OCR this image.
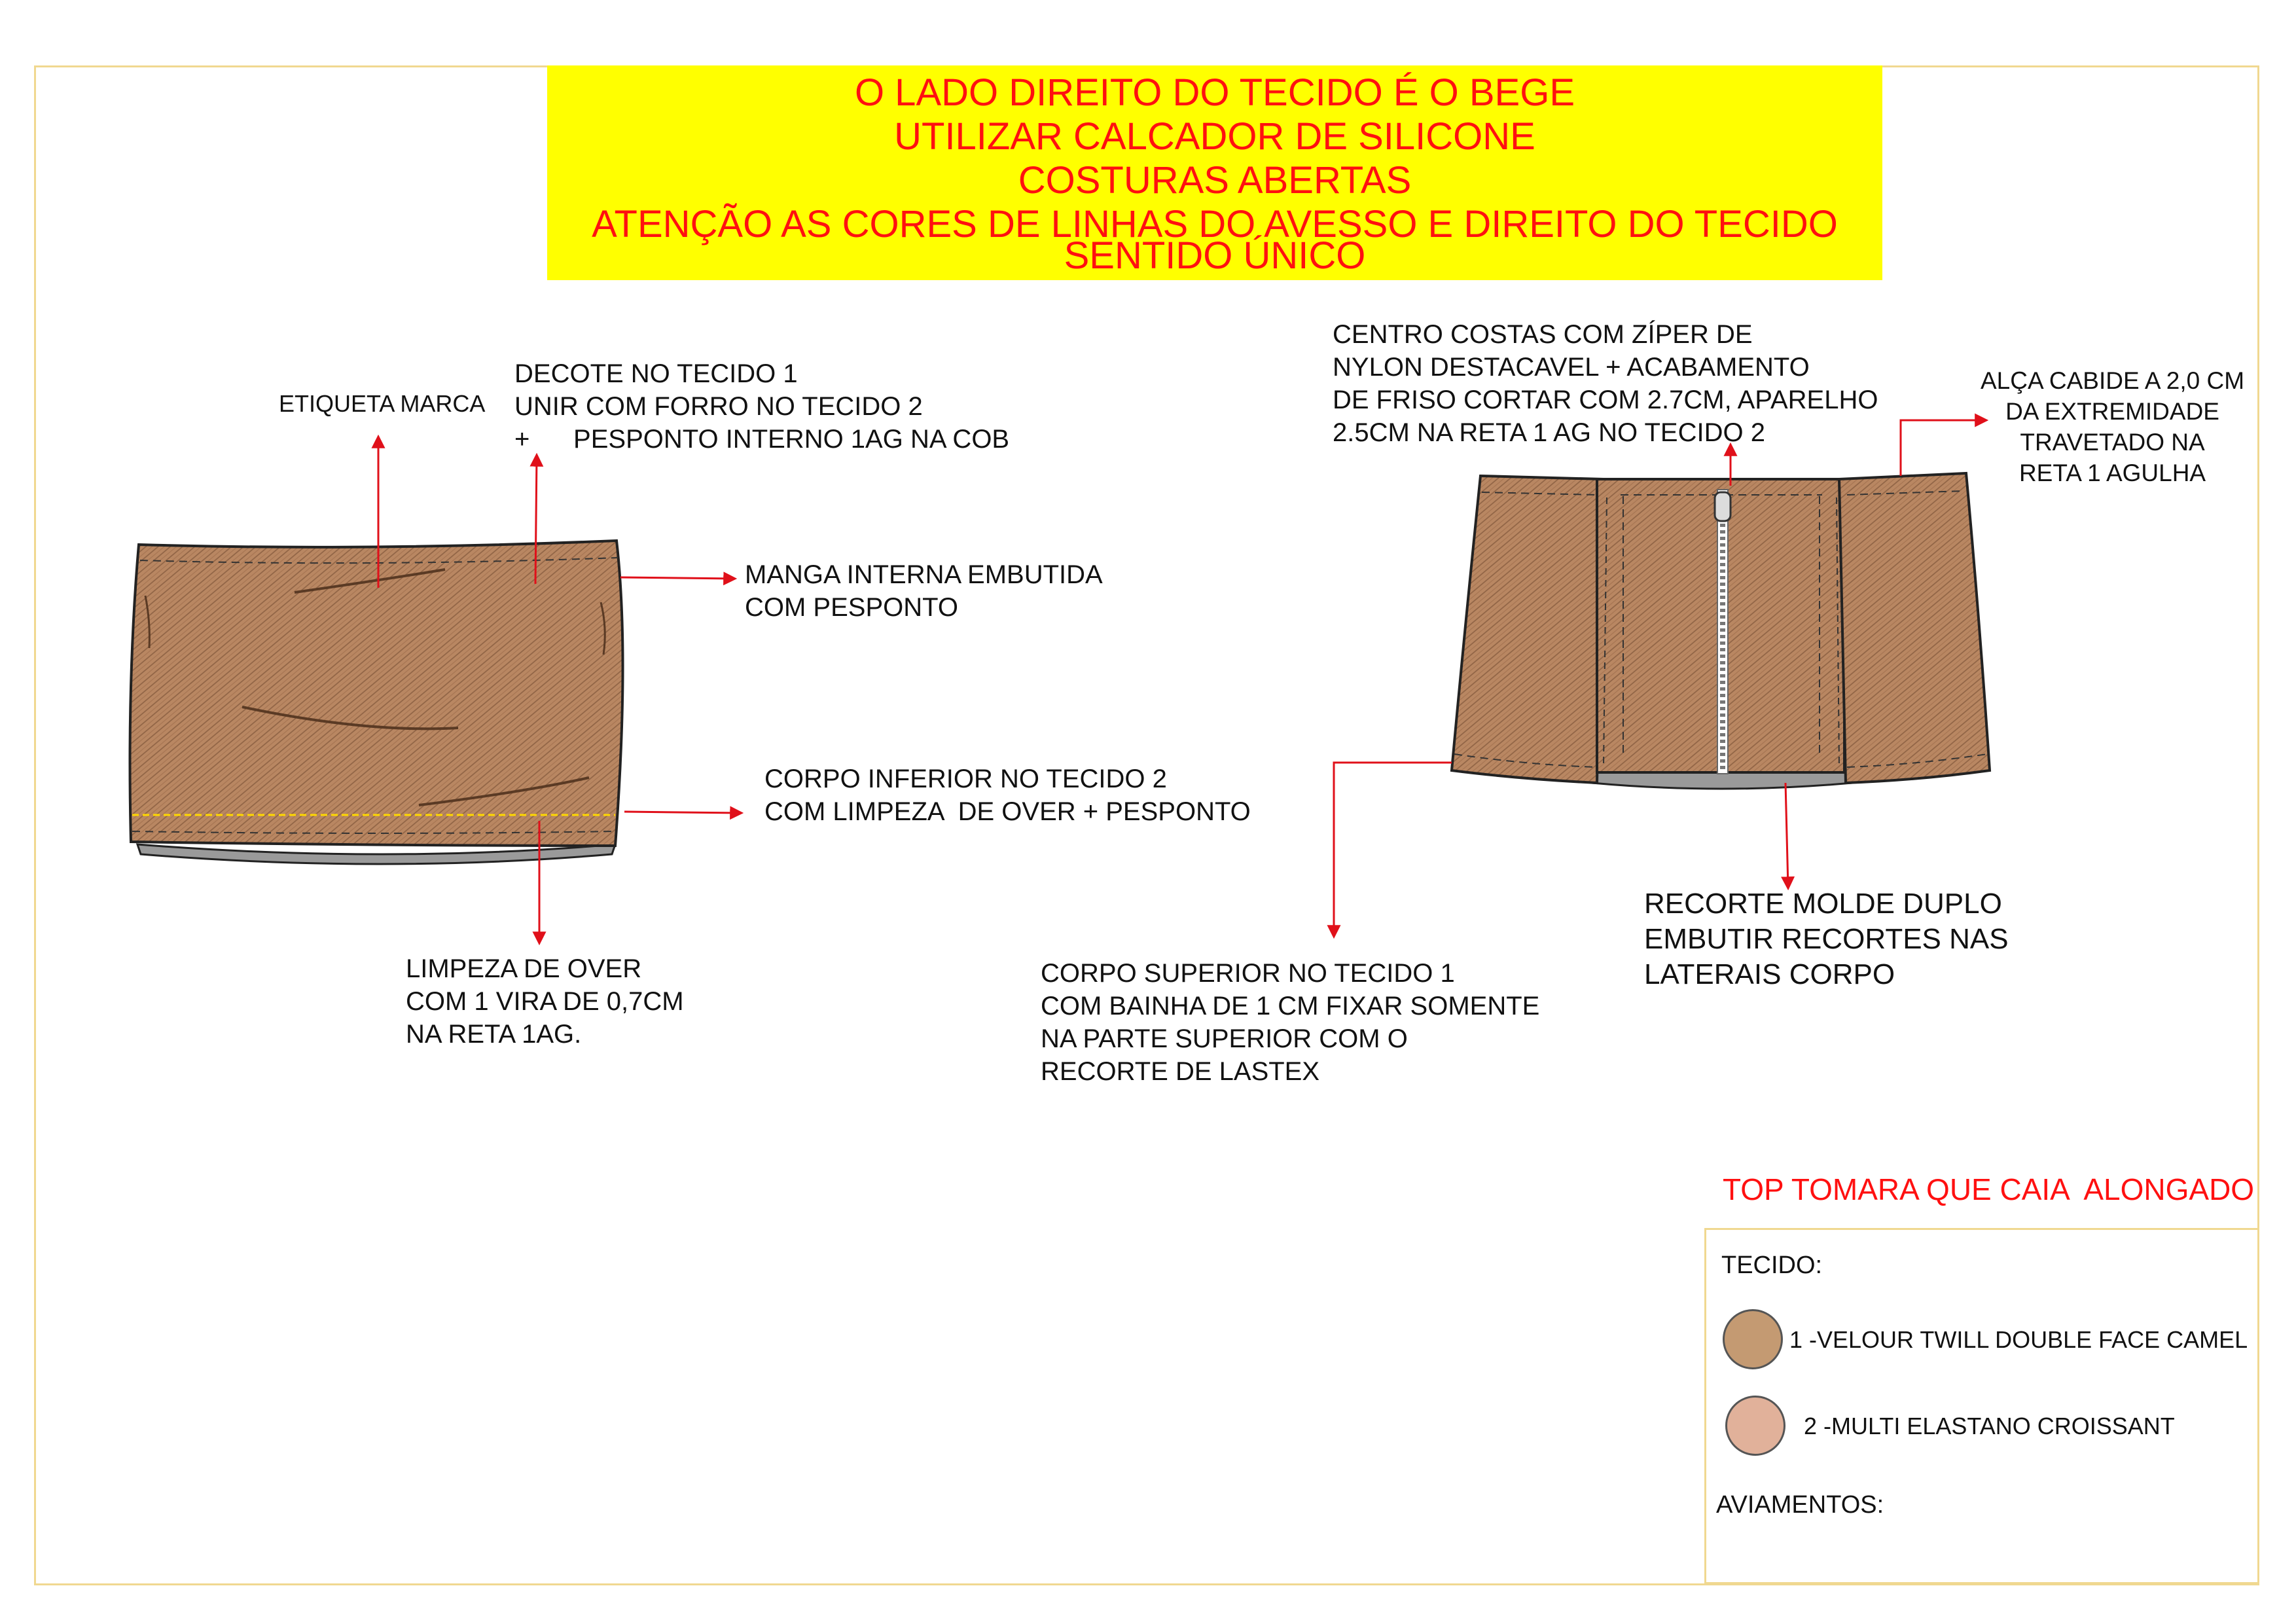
O LADO DIREITO DO TECIDO É O BEGE
UTILIZAR CALCADOR DE SILICONE
COSTURAS ABERTAS
ATENÇÃO AS CORES DE LINHAS DO AVESSO E DIREITO DO TECIDO
SENTIDO ÚNICO
ETIQUETA MARCA
DECOTE NO TECIDO 1
UNIR COM FORRO NO TECIDO 2
+      PESPONTO INTERNO 1AG NA COB
MANGA INTERNA EMBUTIDA
COM PESPONTO
CORPO INFERIOR NO TECIDO 2
COM LIMPEZA  DE OVER + PESPONTO
LIMPEZA DE OVER
COM 1 VIRA DE 0,7CM
NA RETA 1AG.
CENTRO COSTAS COM ZÍPER DE
NYLON DESTACAVEL + ACABAMENTO
DE FRISO CORTAR COM 2.7CM, APARELHO
2.5CM NA RETA 1 AG NO TECIDO 2
ALÇA CABIDE A 2,0 CM
DA EXTREMIDADE
TRAVETADO NA
RETA 1 AGULHA
CORPO SUPERIOR NO TECIDO 1
COM BAINHA DE 1 CM FIXAR SOMENTE
NA PARTE SUPERIOR COM O
RECORTE DE LASTEX
RECORTE MOLDE DUPLO
EMBUTIR RECORTES NAS
LATERAIS CORPO
TOP TOMARA QUE CAIA  ALONGADO
TECIDO:
1 -VELOUR TWILL DOUBLE FACE CAMEL
2 -MULTI ELASTANO CROISSANT
AVIAMENTOS:
